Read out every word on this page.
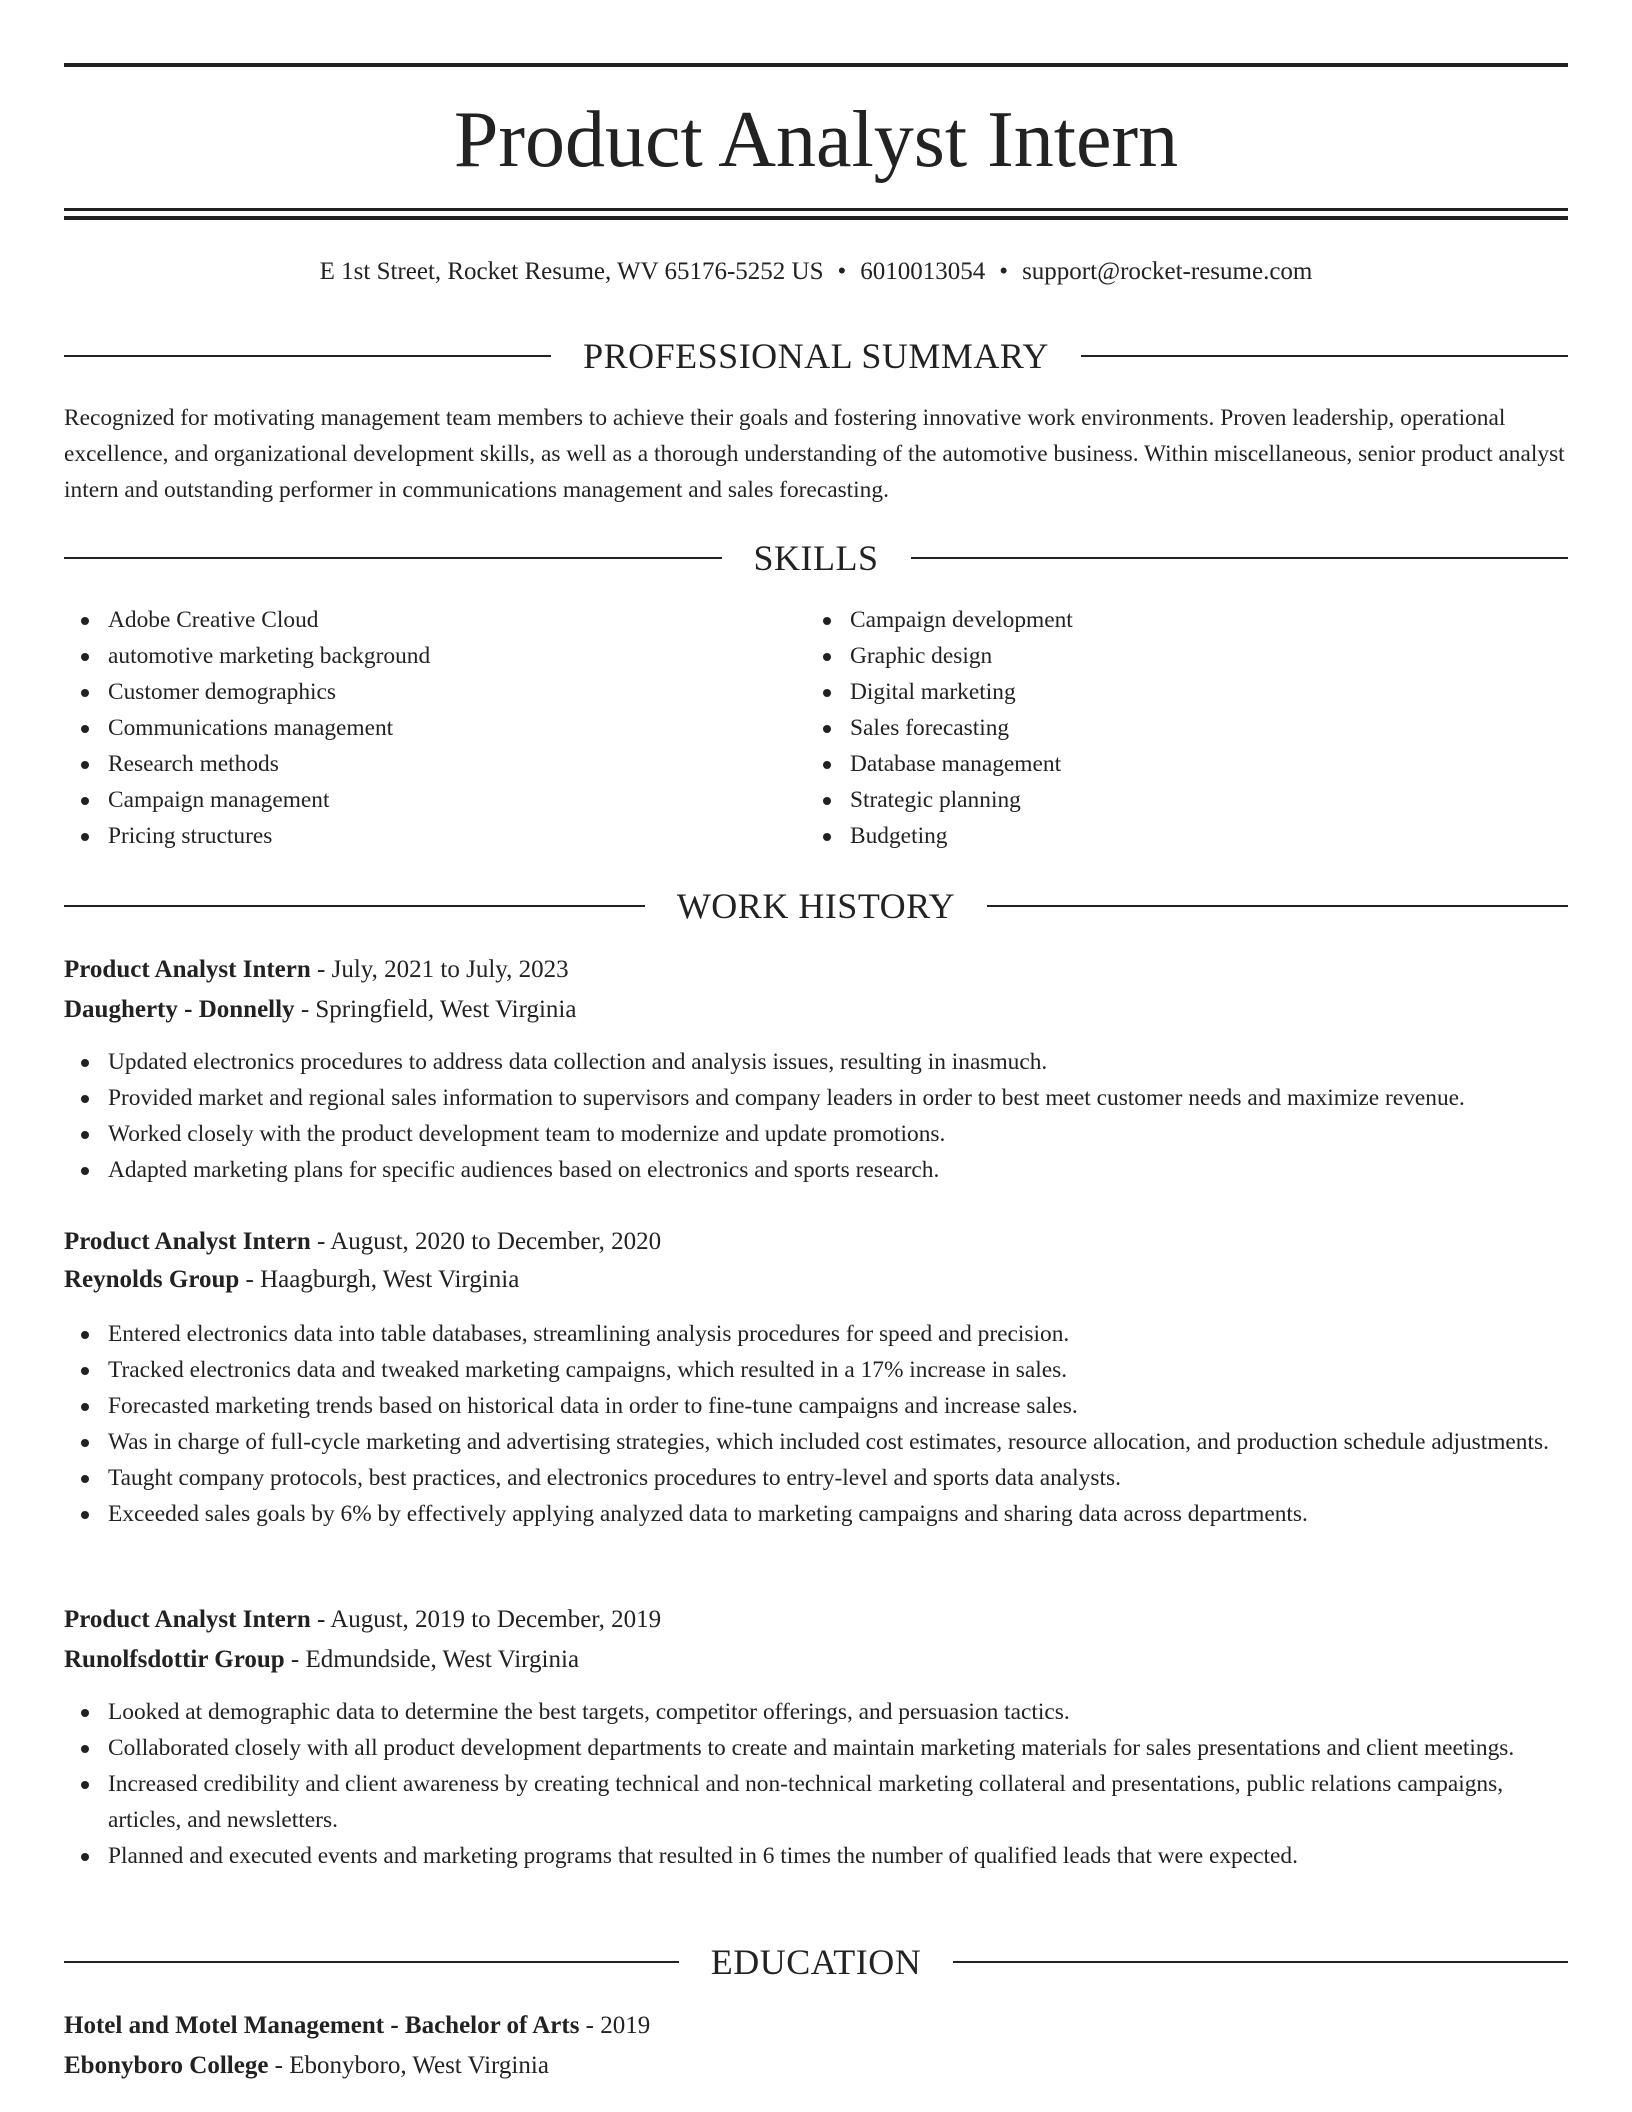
Product Analyst Intern
E 1st Street, Rocket Resume, WV 65176-5252 US • 6010013054 • support@rocket-resume.com
PROFESSIONAL SUMMARY

Recognized for motivating management team members to achieve their goals and fostering innovative work environments. Proven leadership, operational excellence, and organizational development skills, as well as a thorough understanding of the automotive business. Within miscellaneous, senior product analyst intern and outstanding performer in communications management and sales forecasting.

SKILLS
Adobe Creative Cloud
automotive marketing background
Customer demographics
Communications management
Research methods
Campaign management
Pricing structures
Campaign development
Graphic design
Digital marketing
Sales forecasting
Database management
Strategic planning
Budgeting
WORK HISTORY
Product Analyst Intern - July, 2021 to July, 2023
Daugherty - Donnelly - Springfield, West Virginia
Updated electronics procedures to address data collection and analysis issues, resulting in inasmuch.
Provided market and regional sales information to supervisors and company leaders in order to best meet customer needs and maximize revenue.
Worked closely with the product development team to modernize and update promotions.
Adapted marketing plans for specific audiences based on electronics and sports research.
Product Analyst Intern - August, 2020 to December, 2020
Reynolds Group - Haagburgh, West Virginia
Entered electronics data into table databases, streamlining analysis procedures for speed and precision.
Tracked electronics data and tweaked marketing campaigns, which resulted in a 17% increase in sales.
Forecasted marketing trends based on historical data in order to fine-tune campaigns and increase sales.
Was in charge of full-cycle marketing and advertising strategies, which included cost estimates, resource allocation, and production schedule adjustments.
Taught company protocols, best practices, and electronics procedures to entry-level and sports data analysts.
Exceeded sales goals by 6% by effectively applying analyzed data to marketing campaigns and sharing data across departments.
Product Analyst Intern - August, 2019 to December, 2019
Runolfsdottir Group - Edmundside, West Virginia
Looked at demographic data to determine the best targets, competitor offerings, and persuasion tactics.
Collaborated closely with all product development departments to create and maintain marketing materials for sales presentations and client meetings.
Increased credibility and client awareness by creating technical and non-technical marketing collateral and presentations, public relations campaigns, articles, and newsletters.
Planned and executed events and marketing programs that resulted in 6 times the number of qualified leads that were expected.
EDUCATION
Hotel and Motel Management - Bachelor of Arts - 2019
Ebonyboro College - Ebonyboro, West Virginia
